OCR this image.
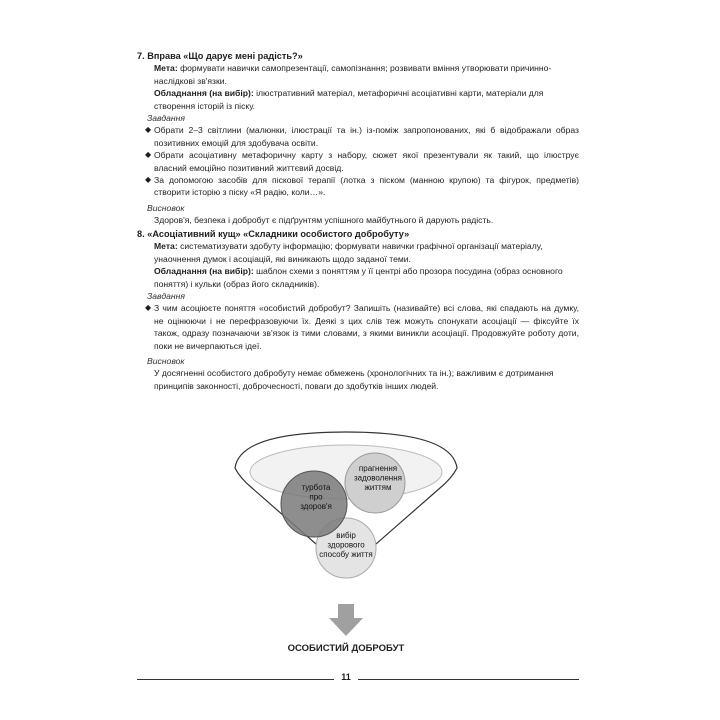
7. Вправа «Що дарує мені радість?»

Мета: формувати навички самопрезентації, самопізнання; розвивати вміння утворювати причинно-наслідкові зв'язки.

Обладнання (на вибір): ілюстративний матеріал, метафоричні асоціативні карти, матеріали для створення історій із піску.

Завдання
◆ Обрати 2–3 світлини (малюнки, ілюстрації та ін.) із-поміж запропонованих, які б відображали образ позитивних емоцій для здобувача освіти.
◆ Обрати асоціативну метафоричну карту з набору, сюжет якої презентували як такий, що ілюструє власний емоційно позитивний життєвий досвід.
◆ За допомогою засобів для піскової терапії (лотка з піском (манною крупою) та фігурок, предметів) створити історію з піску «Я радію, коли…».
Висновок
Здоров'я, безпека і добробут є підґрунтям успішного майбутнього й дарують радість.
8. «Асоціативний кущ» «Складники особистого добробуту»

Мета: систематизувати здобуту інформацію; формувати навички графічної організації матеріалу, унаочнення думок і асоціацій, які виникають щодо заданої теми.

Обладнання (на вибір): шаблон схеми з поняттям у її центрі або прозора посудина (образ основного поняття) і кульки (образ його складників).

Завдання
◆ З чим асоціюєте поняття «особистий добробут? Запишіть (називайте) всі слова, які спадають на думку, не оцінюючи і не перефразовуючи їх. Деякі з цих слів теж можуть спонукати асоціації — фіксуйте їх також, одразу позначаючи зв'язок із тими словами, з якими виникли асоціації. Продовжуйте роботу доти, поки не вичерпаються ідеї.
Висновок
У досягненні особистого добробуту немає обмежень (хронологічних та ін.); важливим є дотримання принципів законності, доброчесності, поваги до здобутків інших людей.
турбота про здоров'я
прагнення задоволення життям
вибір здорового способу життя
ОСОБИСТИЙ ДОБРОБУТ
11
